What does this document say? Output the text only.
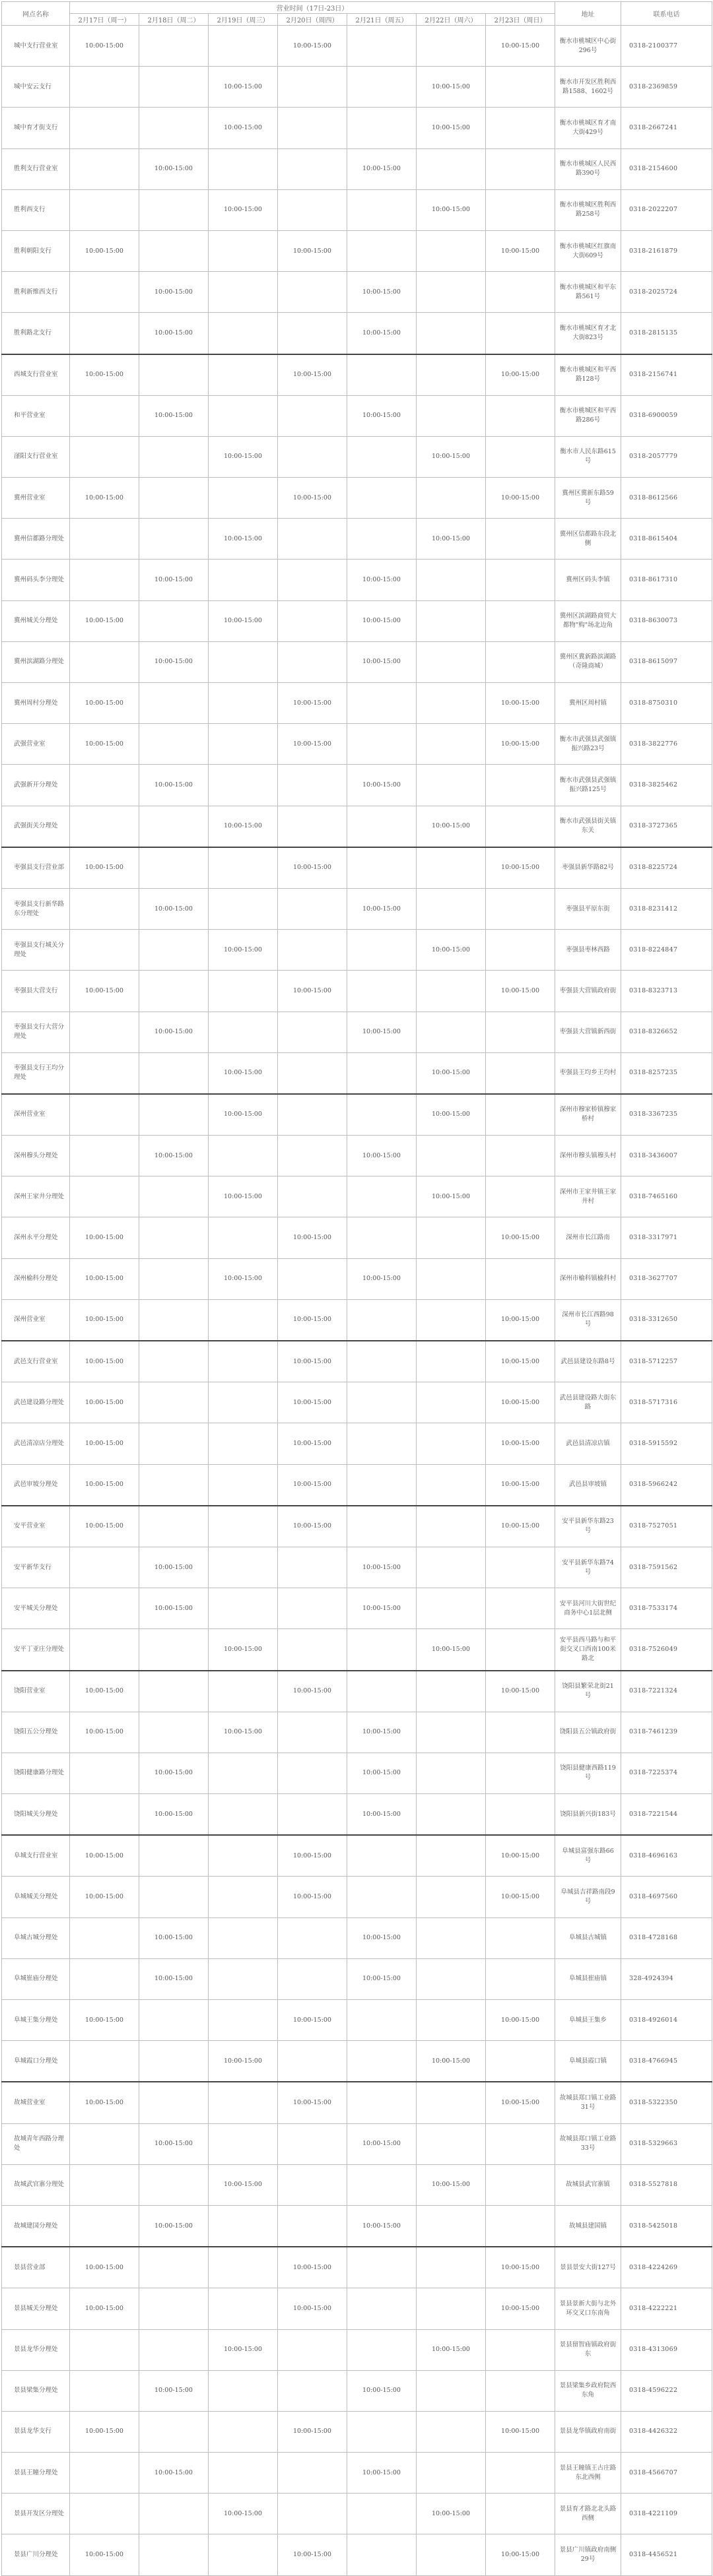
网点名称	营业时间（17日-23日）							地址	联系电话
	2月17日（周一）	2月18日（周二）	2月19日（周三）	2月20日（周四）	2月21日（周五）	2月22日（周六）	2月23日（周日）		
城中支行营业室	10:00-15:00			10:00-15:00			10:00-15:00	衡水市桃城区中心街296号	0318-2100377
城中安云支行			10:00-15:00			10:00-15:00		衡水市开发区胜利西路1588、1602号	0318-2369859
城中育才街支行			10:00-15:00			10:00-15:00		衡水市桃城区育才南大街429号	0318-2667241
胜利支行营业室		10:00-15:00			10:00-15:00			衡水市桃城区人民西路390号	0318-2154600
胜利西支行			10:00-15:00			10:00-15:00		衡水市桃城区胜利西路258号	0318-2022207
胜利朝阳支行	10:00-15:00			10:00-15:00			10:00-15:00	衡水市桃城区红旗南大街609号	0318-2161879
胜利新维西支行		10:00-15:00			10:00-15:00			衡水市桃城区和平东路561号	0318-2025724
胜利路北支行		10:00-15:00			10:00-15:00			衡水市桃城区育才北大街823号	0318-2815135
西城支行营业室	10:00-15:00			10:00-15:00			10:00-15:00	衡水市桃城区和平西路128号	0318-2156741
和平营业室		10:00-15:00			10:00-15:00			衡水市桃城区和平西路286号	0318-6900059
滏阳支行营业室			10:00-15:00			10:00-15:00		衡水市人民东路615号	0318-2057779
冀州营业室	10:00-15:00			10:00-15:00			10:00-15:00	冀州区冀新东路59号	0318-8612566
冀州信都路分理处			10:00-15:00			10:00-15:00		冀州区信都路东段北侧	0318-8615404
冀州码头李分理处		10:00-15:00			10:00-15:00			冀州区码头李镇	0318-8617310
冀州城关分理处	10:00-15:00		10:00-15:00		10:00-15:00			冀州区滨湖路商贸大都物"购"场北边角	0318-8630073
冀州滨湖路分理处		10:00-15:00			10:00-15:00			冀州区冀新路滨湖路（奇隆商城）	0318-8615097
冀州周村分理处	10:00-15:00			10:00-15:00			10:00-15:00	冀州区周村镇	0318-8750310
武强营业室	10:00-15:00			10:00-15:00			10:00-15:00	衡水市武强县武强镇振兴路23号	0318-3822776
武强新开分理处		10:00-15:00			10:00-15:00			衡水市武强县武强镇振兴路125号	0318-3825462
武强街关分理处			10:00-15:00			10:00-15:00		衡水市武强县街关镇东关	0318-3727365
枣强县支行营业部	10:00-15:00			10:00-15:00			10:00-15:00	枣强县新华路82号	0318-8225724
枣强县支行新华路东分理处		10:00-15:00			10:00-15:00			枣强县平原东街	0318-8231412
枣强县支行城关分理处			10:00-15:00			10:00-15:00		枣强县枣林西路	0318-8224847
枣强县大营支行	10:00-15:00			10:00-15:00			10:00-15:00	枣强县大营镇政府街	0318-8323713
枣强县支行大营分理处		10:00-15:00			10:00-15:00			枣强县大营镇新西街	0318-8326652
枣强县支行王均分理处			10:00-15:00			10:00-15:00		枣强县王均乡王均村	0318-8257235
深州营业室			10:00-15:00			10:00-15:00		深州市穆家桥镇穆家桥村	0318-3367235
深州穆头分理处		10:00-15:00			10:00-15:00			深州市穆头镇穆头村	0318-3436007
深州王家井分理处			10:00-15:00			10:00-15:00		深州市王家井镇王家井村	0318-7465160
深州永平分理处	10:00-15:00			10:00-15:00			10:00-15:00	深州市长江路南	0318-3317971
深州榆科分理处	10:00-15:00		10:00-15:00		10:00-15:00			深州市榆科镇榆科村	0318-3627707
深州营业室	10:00-15:00			10:00-15:00			10:00-15:00	深州市长江西路98号	0318-3312650
武邑支行营业室	10:00-15:00			10:00-15:00			10:00-15:00	武邑县建设东路8号	0318-5712257
武邑建设路分理处	10:00-15:00			10:00-15:00			10:00-15:00	武邑县建设路大街东路	0318-5717316
武邑清凉店分理处	10:00-15:00			10:00-15:00			10:00-15:00	武邑县清凉店镇	0318-5915592
武邑审坡分理处	10:00-15:00			10:00-15:00			10:00-15:00	武邑县审坡镇	0318-5966242
安平营业室	10:00-15:00			10:00-15:00			10:00-15:00	安平县新华东路23号	0318-7527051
安平新华支行		10:00-15:00			10:00-15:00			安平县新华东路74号	0318-7591562
安平城关分理处		10:00-15:00			10:00-15:00			安平县河川大街世纪商务中心1层北侧	0318-7533174
安平丁亚庄分理处			10:00-15:00			10:00-15:00		安平县西马路与和平街交叉口西南100米路北	0318-7526049
饶阳营业室	10:00-15:00			10:00-15:00			10:00-15:00	饶阳县繁荣北街21号	0318-7221324
饶阳五公分理处	10:00-15:00		10:00-15:00		10:00-15:00			饶阳县五公镇政府街	0318-7461239
饶阳健康路分理处		10:00-15:00			10:00-15:00			饶阳县健康西路119号	0318-7225374
饶阳城关分理处		10:00-15:00			10:00-15:00			饶阳县新兴街183号	0318-7221544
阜城支行营业室	10:00-15:00			10:00-15:00			10:00-15:00	阜城县富强东路66号	0318-4696163
阜城城关分理处	10:00-15:00			10:00-15:00			10:00-15:00	阜城县吉祥路南段9号	0318-4697560
阜城古城分理处		10:00-15:00			10:00-15:00			阜城县古城镇	0318-4728168
阜城崔庙分理处		10:00-15:00			10:00-15:00			阜城县崔庙镇	328-4924394
阜城王集分理处	10:00-15:00			10:00-15:00			10:00-15:00	阜城县王集乡	0318-4926014
阜城霞口分理处			10:00-15:00			10:00-15:00		阜城县霞口镇	0318-4766945
故城营业室	10:00-15:00			10:00-15:00			10:00-15:00	故城县郑口镇工业路31号	0318-5322350
故城青年西路分理处		10:00-15:00			10:00-15:00			故城县郑口镇工业路33号	0318-5329663
故城武官寨分理处			10:00-15:00			10:00-15:00		故城县武官寨镇	0318-5527818
故城建国分理处		10:00-15:00			10:00-15:00			故城县建国镇	0318-5425018
景县营业部	10:00-15:00			10:00-15:00			10:00-15:00	景县景安大街127号	0318-4224269
景县城关分理处	10:00-15:00			10:00-15:00			10:00-15:00	景县景新大街与北外环交叉口东南角	0318-4222221
景县龙华分理处			10:00-15:00			10:00-15:00		景县留智庙镇政府街东	0318-4313069
景县梁集分理处		10:00-15:00			10:00-15:00			景县梁集乡政府院西东角	0318-4596222
景县龙华支行	10:00-15:00			10:00-15:00			10:00-15:00	景县龙华镇政府南街	0318-4426322
景县王瞳分理处		10:00-15:00			10:00-15:00			景县王瞳镇王古庄路东北西侧	0318-4566707
景县开发区分理处			10:00-15:00			10:00-15:00		景县育才路北北头路西侧	0318-4221109
景县广川分理处	10:00-15:00			10:00-15:00			10:00-15:00	景县广川镇政府南侧29号	0318-4456521
